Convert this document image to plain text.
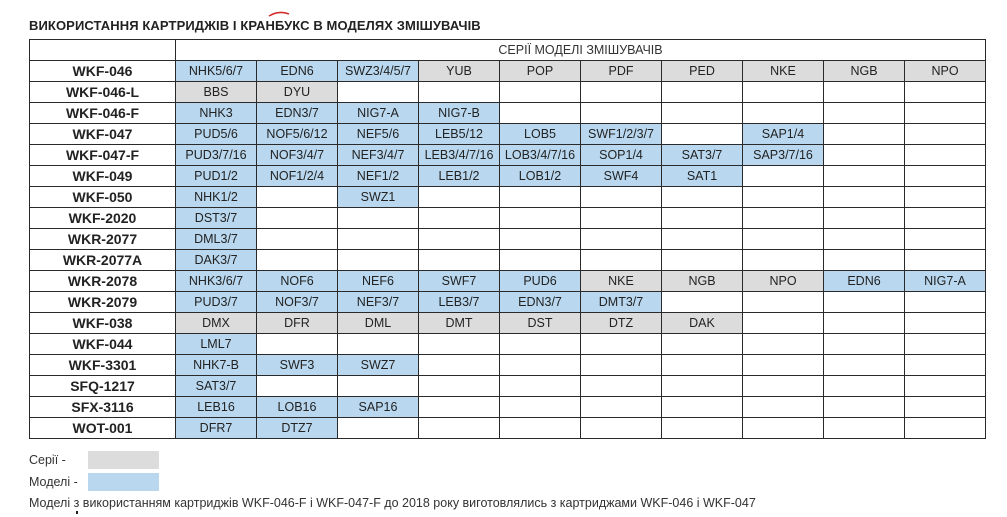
ВИКОРИСТАННЯ КАРТРИДЖІВ І КРАНБУКС В МОДЕЛЯХ ЗМІШУВАЧІВ
	СЕРІЇ МОДЕЛІ ЗМІШУВАЧІВ									
WKF-046	NHK5/6/7	EDN6	SWZ3/4/5/7	YUB	POP	PDF	PED	NKE	NGB	NPO
WKF-046-L	BBS	DYU								
WKF-046-F	NHK3	EDN3/7	NIG7-A	NIG7-B						
WKF-047	PUD5/6	NOF5/6/12	NEF5/6	LEB5/12	LOB5	SWF1/2/3/7		SAP1/4		
WKF-047-F	PUD3/7/16	NOF3/4/7	NEF3/4/7	LEB3/4/7/16	LOB3/4/7/16	SOP1/4	SAT3/7	SAP3/7/16		
WKF-049	PUD1/2	NOF1/2/4	NEF1/2	LEB1/2	LOB1/2	SWF4	SAT1			
WKF-050	NHK1/2		SWZ1							
WKF-2020	DST3/7									
WKR-2077	DML3/7									
WKR-2077A	DAK3/7									
WKR-2078	NHK3/6/7	NOF6	NEF6	SWF7	PUD6	NKE	NGB	NPO	EDN6	NIG7-A
WKR-2079	PUD3/7	NOF3/7	NEF3/7	LEB3/7	EDN3/7	DMT3/7				
WKF-038	DMX	DFR	DML	DMT	DST	DTZ	DAK			
WKF-044	LML7									
WKF-3301	NHK7-B	SWF3	SWZ7							
SFQ-1217	SAT3/7									
SFX-3116	LEB16	LOB16	SAP16							
WOT-001	DFR7	DTZ7								
Серії -
Моделі -
Моделі з використанням картриджів WKF-046-F і WKF-047-F до 2018 року виготовлялись з картриджами WKF-046 і WKF-047
